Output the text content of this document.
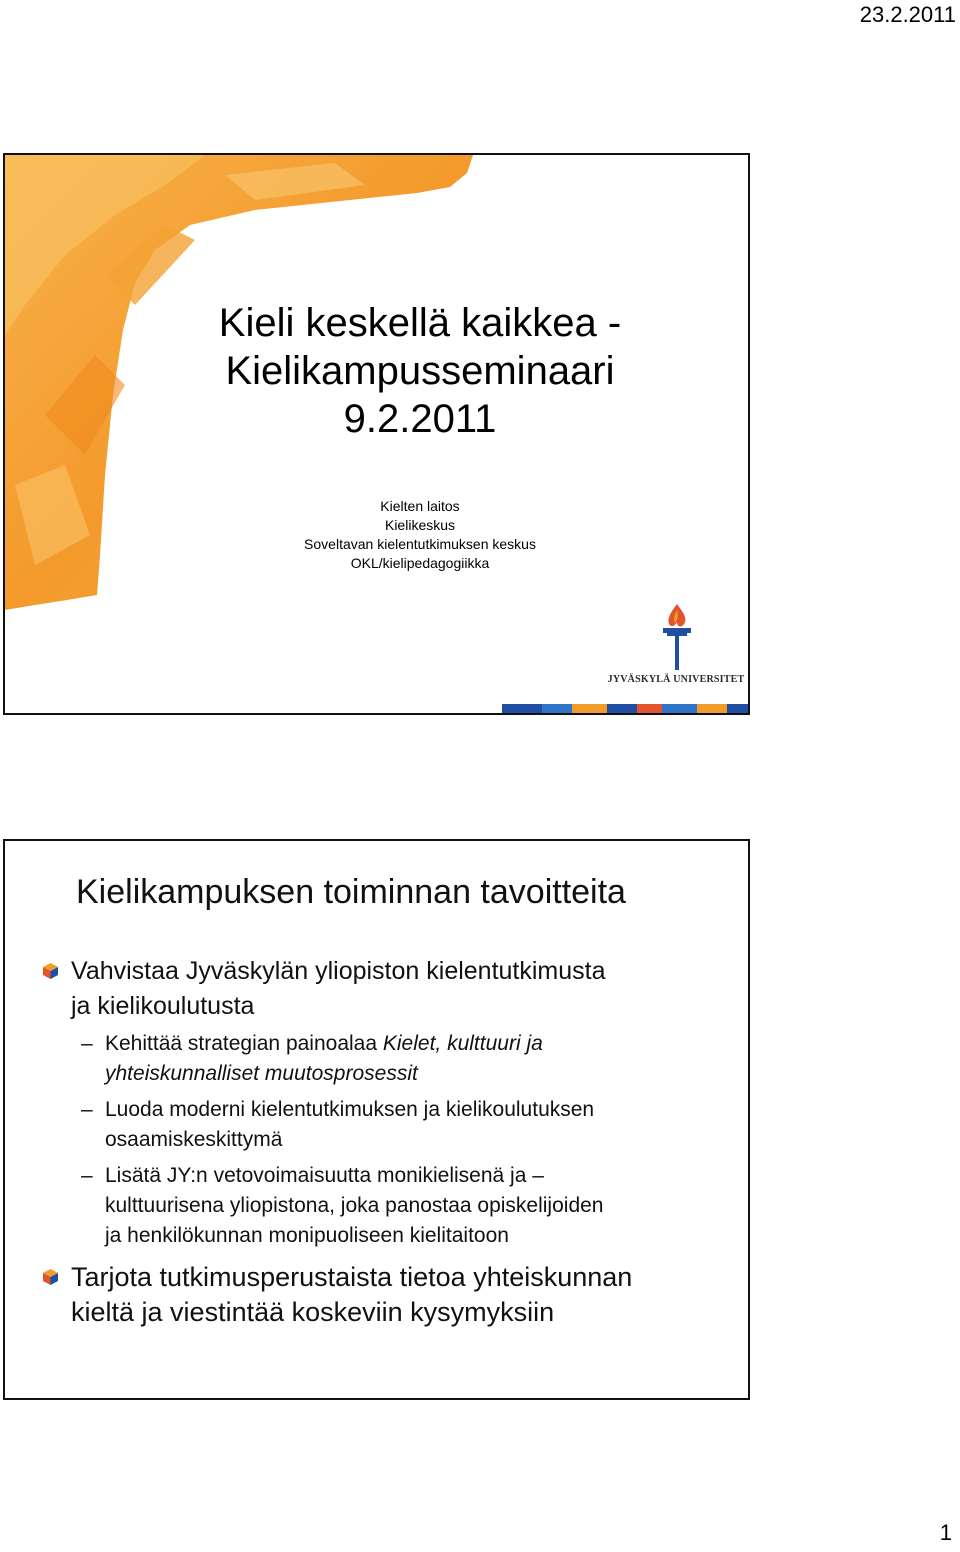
23.2.2011
Kieli keskellä kaikkea -
Kielikampusseminaari
9.2.2011
Kielten laitos
Kielikeskus
Soveltavan kielentutkimuksen keskus
OKL/kielipedagogiikka
JYVÄSKYLÄ UNIVERSITET
Kielikampuksen toiminnan tavoitteita
Vahvistaa Jyväskylän yliopiston kielentutkimusta
ja kielikoulutusta
– Kehittää strategian painoalaa Kielet, kulttuuri ja
yhteiskunnalliset muutosprosessit
– Luoda moderni kielentutkimuksen ja kielikoulutuksen
osaamiskeskittymä
– Lisätä JY:n vetovoimaisuutta monikielisenä ja –
kulttuurisena yliopistona, joka panostaa opiskelijoiden
ja henkilökunnan monipuoliseen kielitaitoon
Tarjota tutkimusperustaista tietoa yhteiskunnan
kieltä ja viestintää koskeviin kysymyksiin
1
